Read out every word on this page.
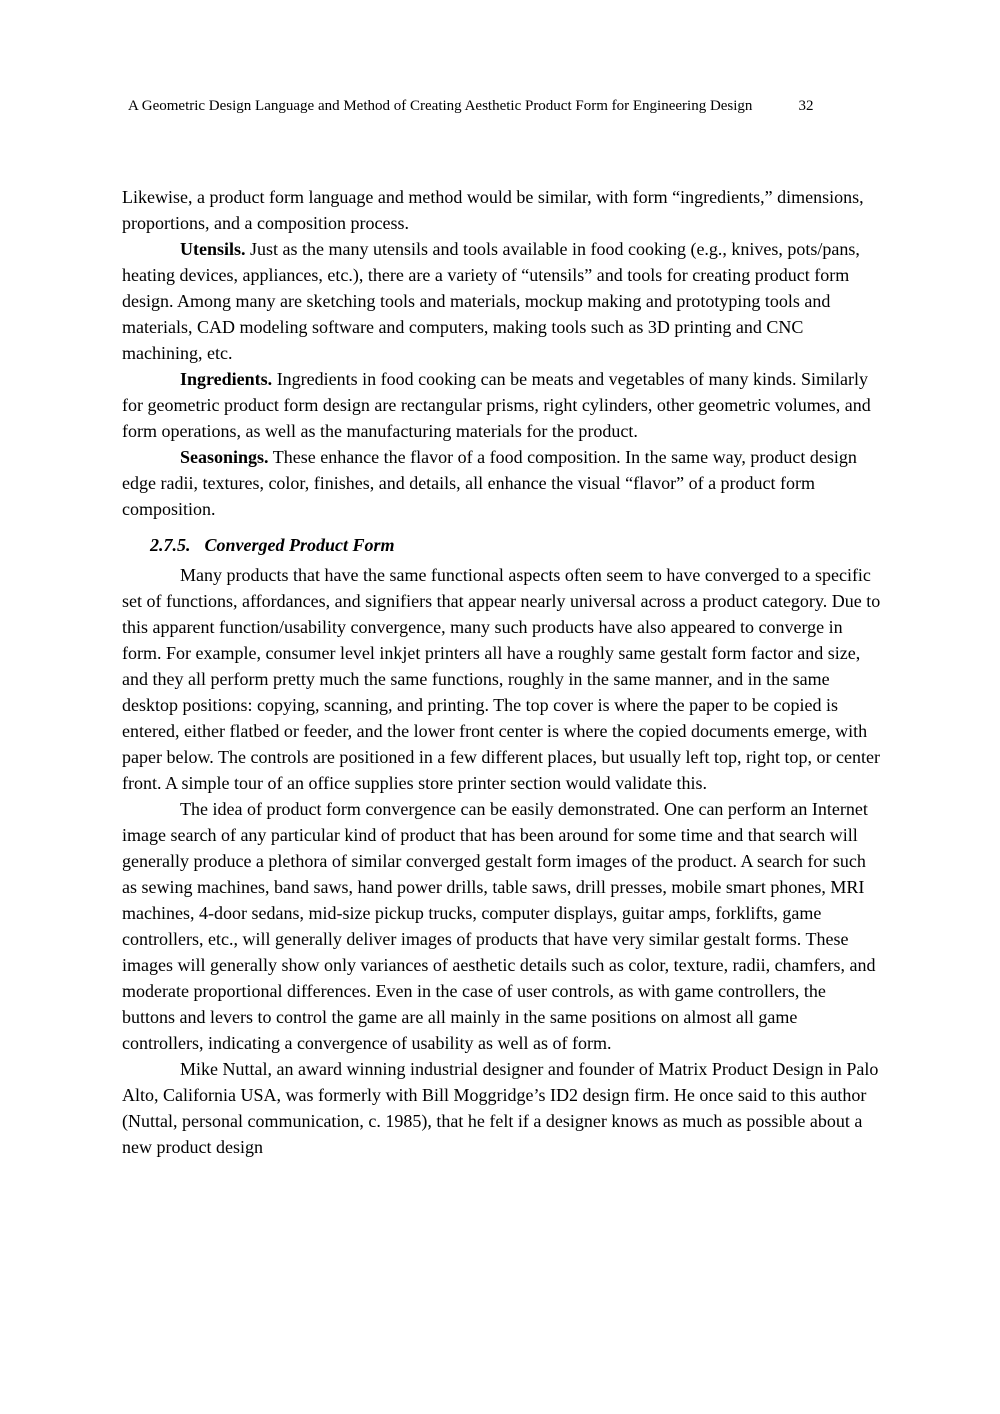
A Geometric Design Language and Method of Creating Aesthetic Product Form for Engineering Design	32

Likewise, a product form language and method would be similar, with form “ingredients,” dimensions, proportions, and a composition process.

Utensils. Just as the many utensils and tools available in food cooking (e.g., knives, pots/pans, heating devices, appliances, etc.), there are a variety of “utensils” and tools for creating product form design. Among many are sketching tools and materials, mockup making and prototyping tools and materials, CAD modeling software and computers, making tools such as 3D printing and CNC machining, etc.

Ingredients. Ingredients in food cooking can be meats and vegetables of many kinds. Similarly for geometric product form design are rectangular prisms, right cylinders, other geometric volumes, and form operations, as well as the manufacturing materials for the product.

Seasonings. These enhance the flavor of a food composition. In the same way, product design edge radii, textures, color, finishes, and details, all enhance the visual “flavor” of a product form composition.

2.7.5. Converged Product Form

Many products that have the same functional aspects often seem to have converged to a specific set of functions, affordances, and signifiers that appear nearly universal across a product category. Due to this apparent function/usability convergence, many such products have also appeared to converge in form. For example, consumer level inkjet printers all have a roughly same gestalt form factor and size, and they all perform pretty much the same functions, roughly in the same manner, and in the same desktop positions: copying, scanning, and printing. The top cover is where the paper to be copied is entered, either flatbed or feeder, and the lower front center is where the copied documents emerge, with paper below. The controls are positioned in a few different places, but usually left top, right top, or center front. A simple tour of an office supplies store printer section would validate this.

The idea of product form convergence can be easily demonstrated. One can perform an Internet image search of any particular kind of product that has been around for some time and that search will generally produce a plethora of similar converged gestalt form images of the product. A search for such as sewing machines, band saws, hand power drills, table saws, drill presses, mobile smart phones, MRI machines, 4-door sedans, mid-size pickup trucks, computer displays, guitar amps, forklifts, game controllers, etc., will generally deliver images of products that have very similar gestalt forms. These images will generally show only variances of aesthetic details such as color, texture, radii, chamfers, and moderate proportional differences. Even in the case of user controls, as with game controllers, the buttons and levers to control the game are all mainly in the same positions on almost all game controllers, indicating a convergence of usability as well as of form.

Mike Nuttal, an award winning industrial designer and founder of Matrix Product Design in Palo Alto, California USA, was formerly with Bill Moggridge’s ID2 design firm. He once said to this author (Nuttal, personal communication, c. 1985), that he felt if a designer knows as much as possible about a new product design
